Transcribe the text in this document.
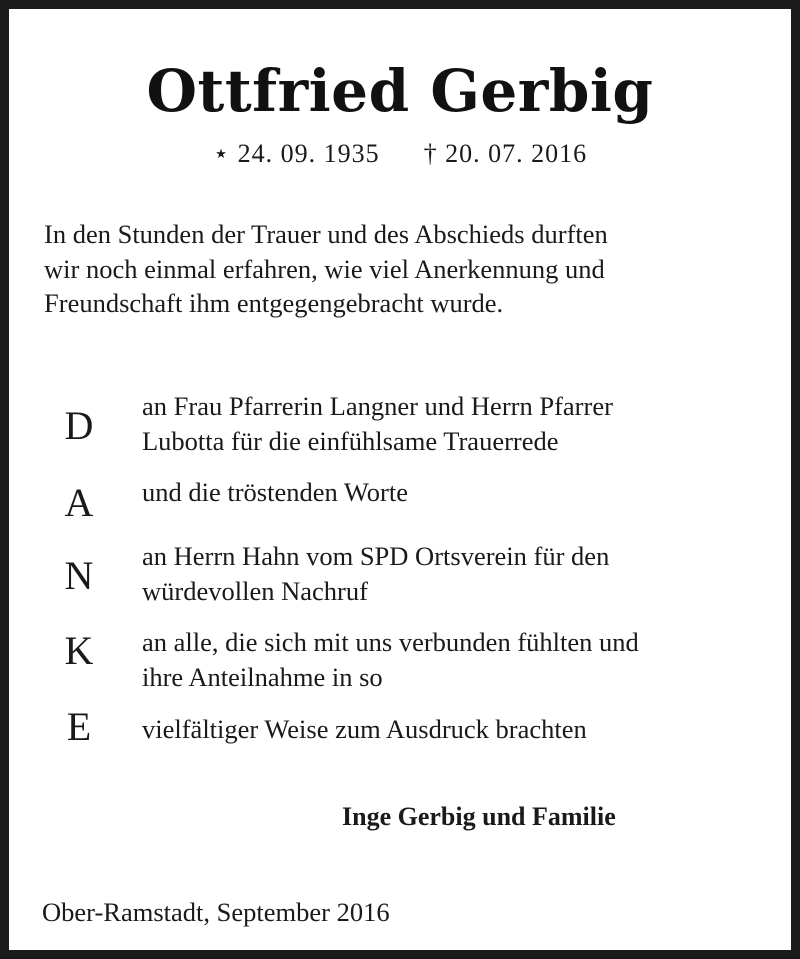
Ottfried Gerbig
⋆ 24. 09. 1935 † 20. 07. 2016
In den Stunden der Trauer und des Abschieds durften
wir noch einmal erfahren, wie viel Anerkennung und
Freundschaft ihm entgegengebracht wurde.
D an Frau Pfarrerin Langner und Herrn Pfarrer
Lubotta für die einfühlsame Trauerrede
A und die tröstenden Worte
N an Herrn Hahn vom SPD Ortsverein für den
würdevollen Nachruf
K an alle, die sich mit uns verbunden fühlten und
ihre Anteilnahme in so
E vielfältiger Weise zum Ausdruck brachten
Inge Gerbig und Familie
Ober-Ramstadt, September 2016
